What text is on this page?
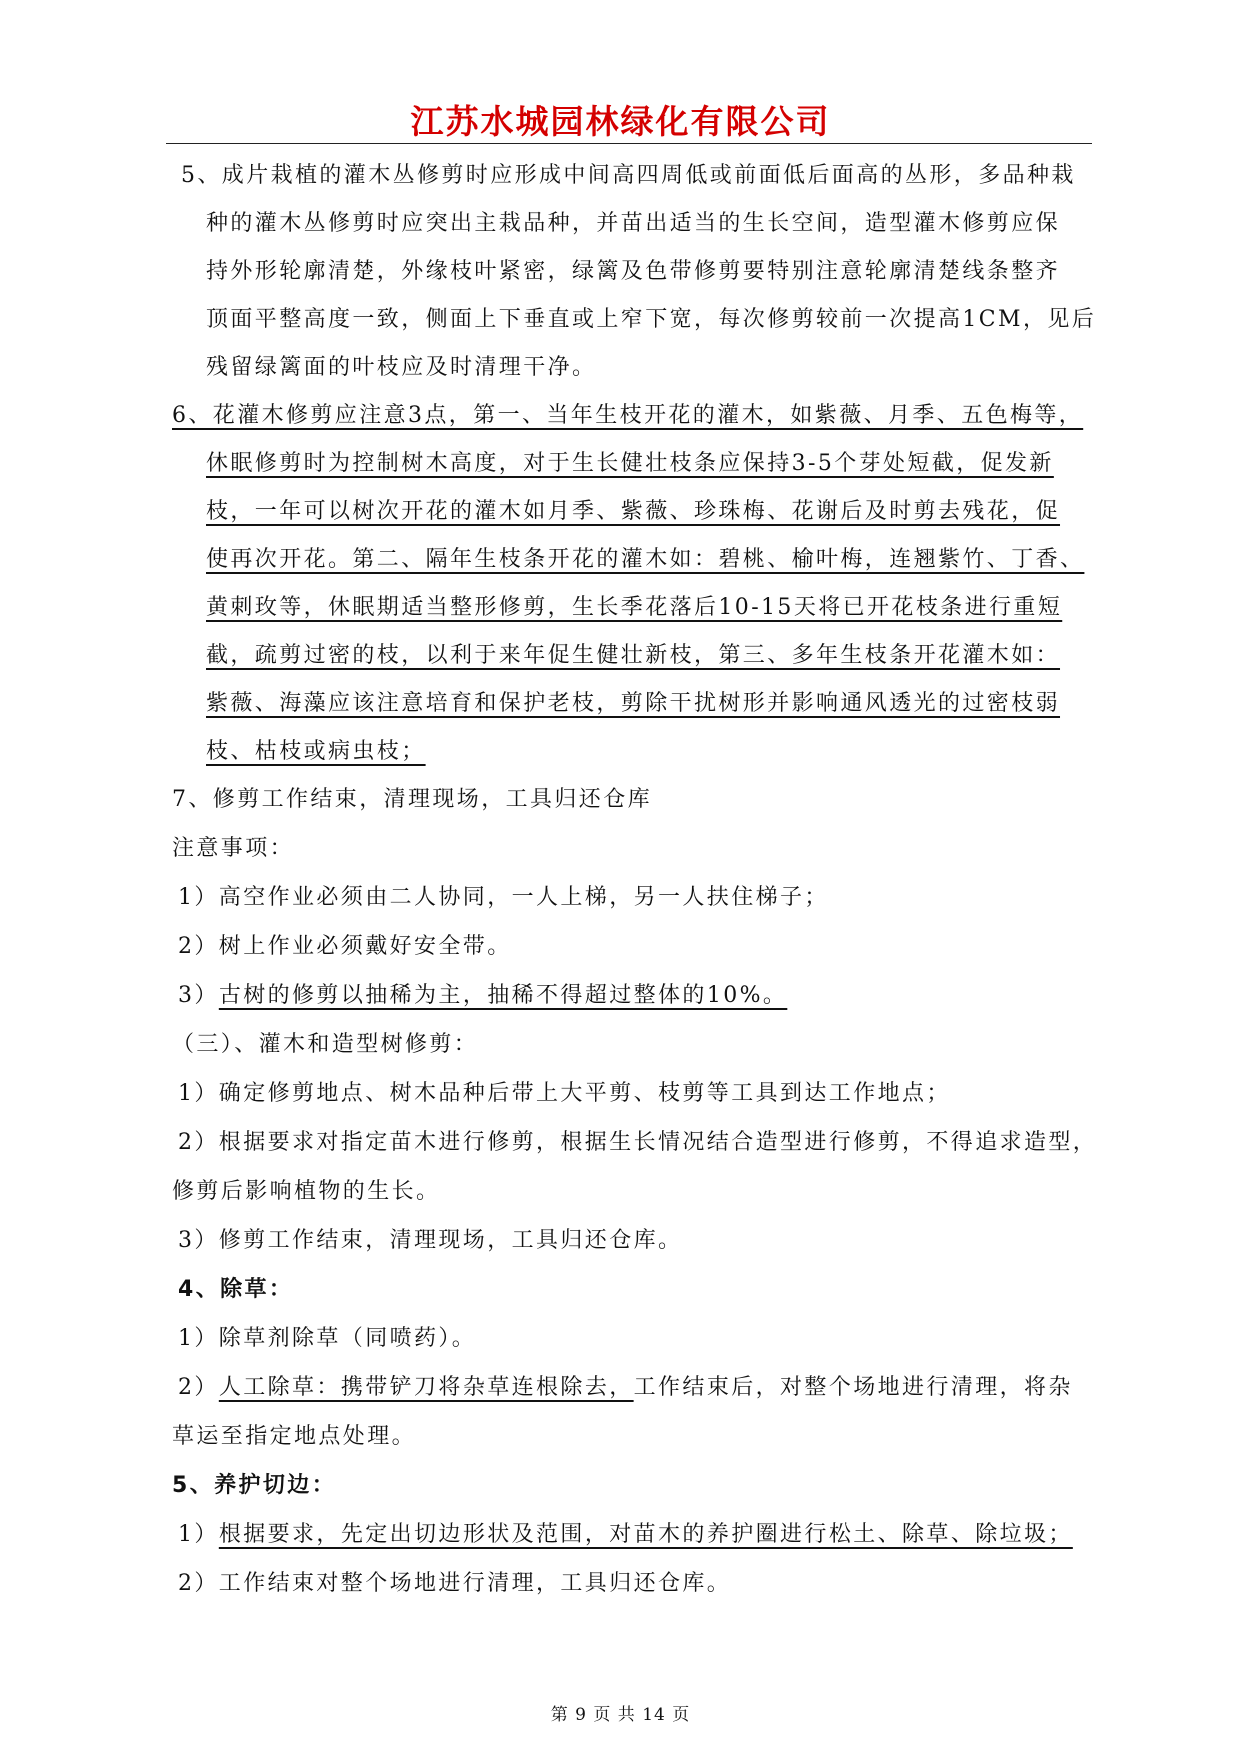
江苏水城园林绿化有限公司
5、成片栽植的灌木丛修剪时应形成中间高四周低或前面低后面高的丛形，多品种栽
种的灌木丛修剪时应突出主栽品种，并苗出适当的生长空间，造型灌木修剪应保
持外形轮廓清楚，外缘枝叶紧密，绿篱及色带修剪要特别注意轮廓清楚线条整齐
顶面平整高度一致，侧面上下垂直或上窄下宽，每次修剪较前一次提高1CM，见后
残留绿篱面的叶枝应及时清理干净。
6、花灌木修剪应注意3点，第一、当年生枝开花的灌木，如紫薇、月季、五色梅等，
休眠修剪时为控制树木高度，对于生长健壮枝条应保持3-5个芽处短截，促发新
枝，一年可以树次开花的灌木如月季、紫薇、珍珠梅、花谢后及时剪去残花，促
使再次开花。第二、隔年生枝条开花的灌木如：碧桃、榆叶梅，连翘紫竹、丁香、
黄刺玫等，休眠期适当整形修剪，生长季花落后10-15天将已开花枝条进行重短
截，疏剪过密的枝，以利于来年促生健壮新枝，第三、多年生枝条开花灌木如：
紫薇、海藻应该注意培育和保护老枝，剪除干扰树形并影响通风透光的过密枝弱
枝、枯枝或病虫枝；
7、修剪工作结束，清理现场，工具归还仓库
注意事项：
1）高空作业必须由二人协同，一人上梯，另一人扶住梯子；
2）树上作业必须戴好安全带。
3）古树的修剪以抽稀为主，抽稀不得超过整体的10%。
（三）、灌木和造型树修剪：
1）确定修剪地点、树木品种后带上大平剪、枝剪等工具到达工作地点；
2）根据要求对指定苗木进行修剪，根据生长情况结合造型进行修剪，不得追求造型，
修剪后影响植物的生长。
3）修剪工作结束，清理现场，工具归还仓库。
4、除草：
1）除草剂除草（同喷药）。
2）人工除草：携带铲刀将杂草连根除去，工作结束后，对整个场地进行清理，将杂
草运至指定地点处理。
5、养护切边：
1）根据要求，先定出切边形状及范围，对苗木的养护圈进行松土、除草、除垃圾；
2）工作结束对整个场地进行清理，工具归还仓库。
第 9 页 共 14 页
